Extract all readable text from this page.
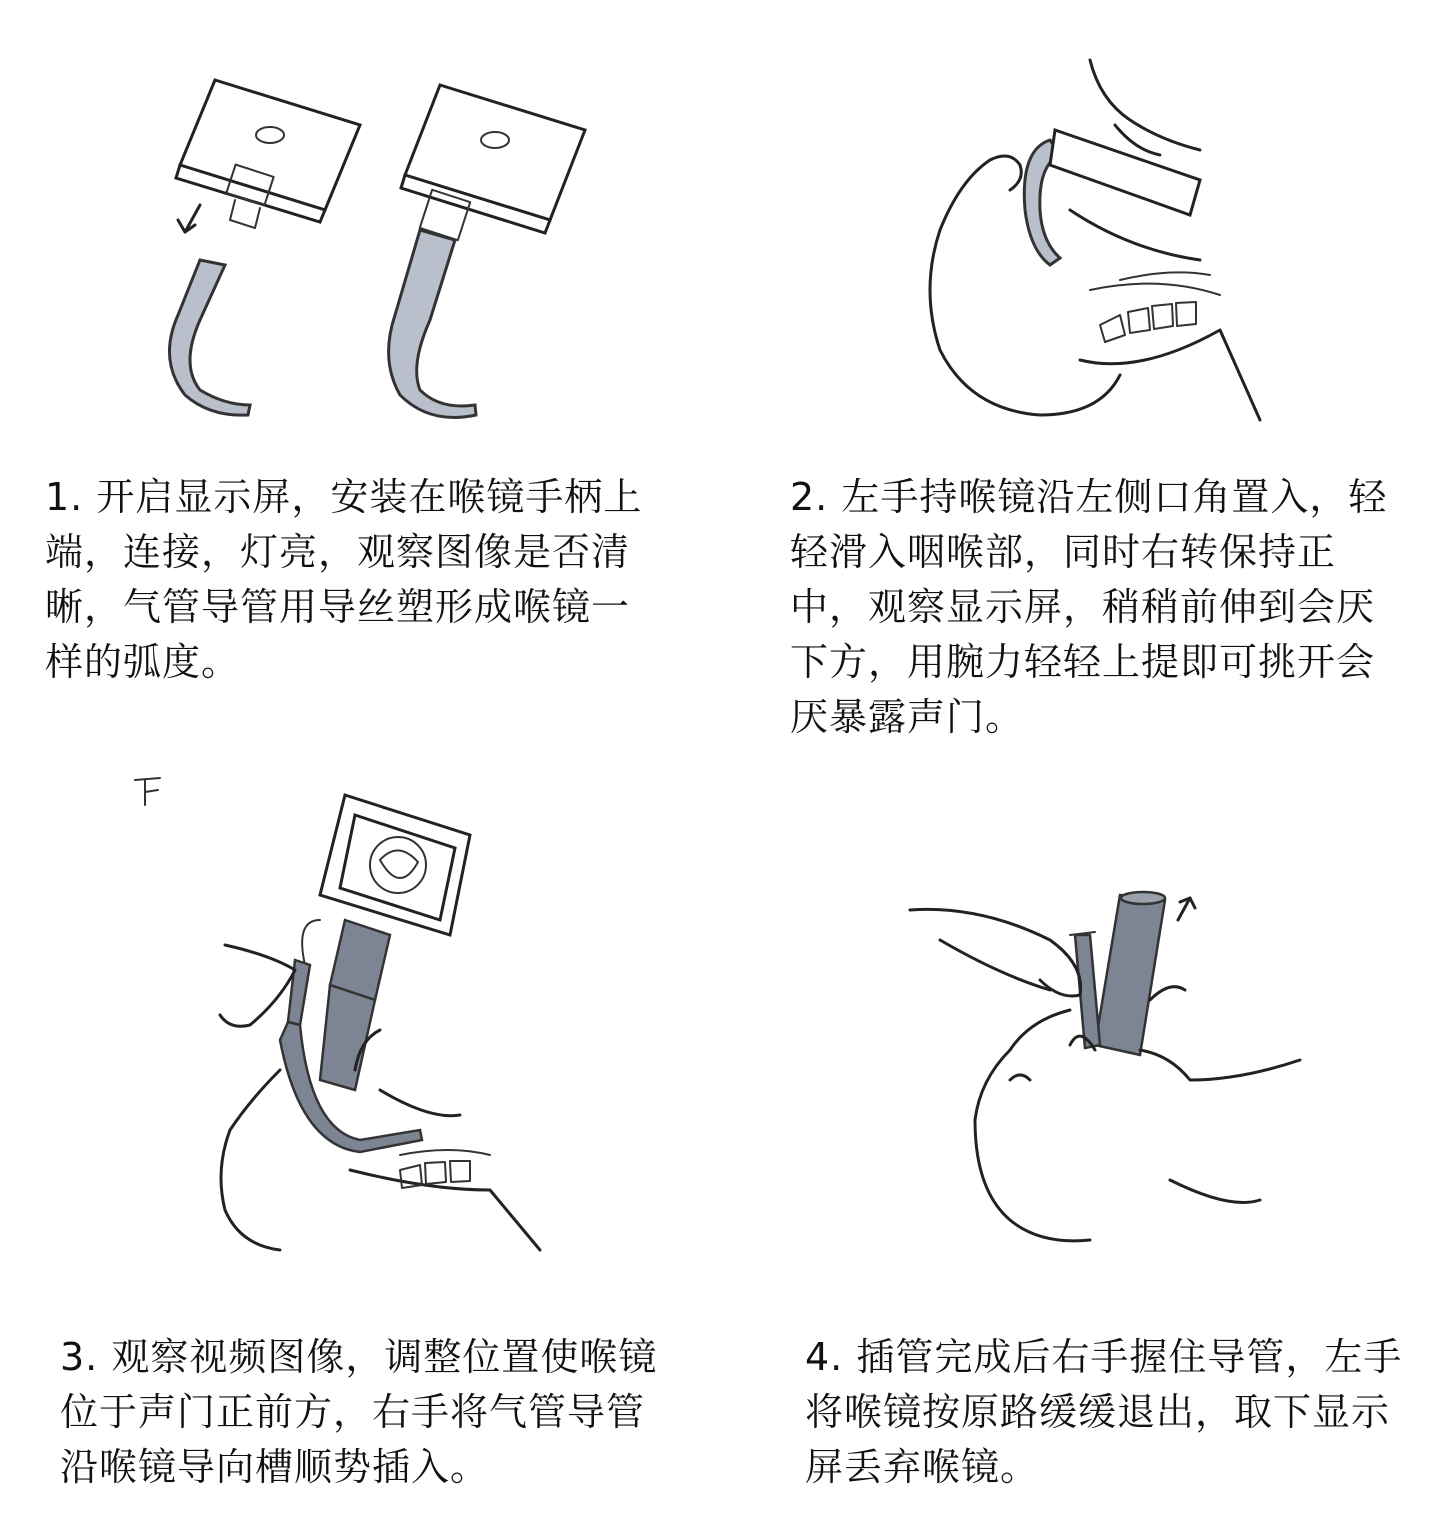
1. 开启显示屏，安装在喉镜手柄上端，连接，灯亮，观察图像是否清晰，气管导管用导丝塑形成喉镜一样的弧度。
2. 左手持喉镜沿左侧口角置入，轻轻滑入咽喉部，同时右转保持正中，观察显示屏，稍稍前伸到会厌下方，用腕力轻轻上提即可挑开会厌暴露声门。
3. 观察视频图像，调整位置使喉镜位于声门正前方，右手将气管导管沿喉镜导向槽顺势插入。
4. 插管完成后右手握住导管，左手将喉镜按原路缓缓退出，取下显示屏丢弃喉镜。
